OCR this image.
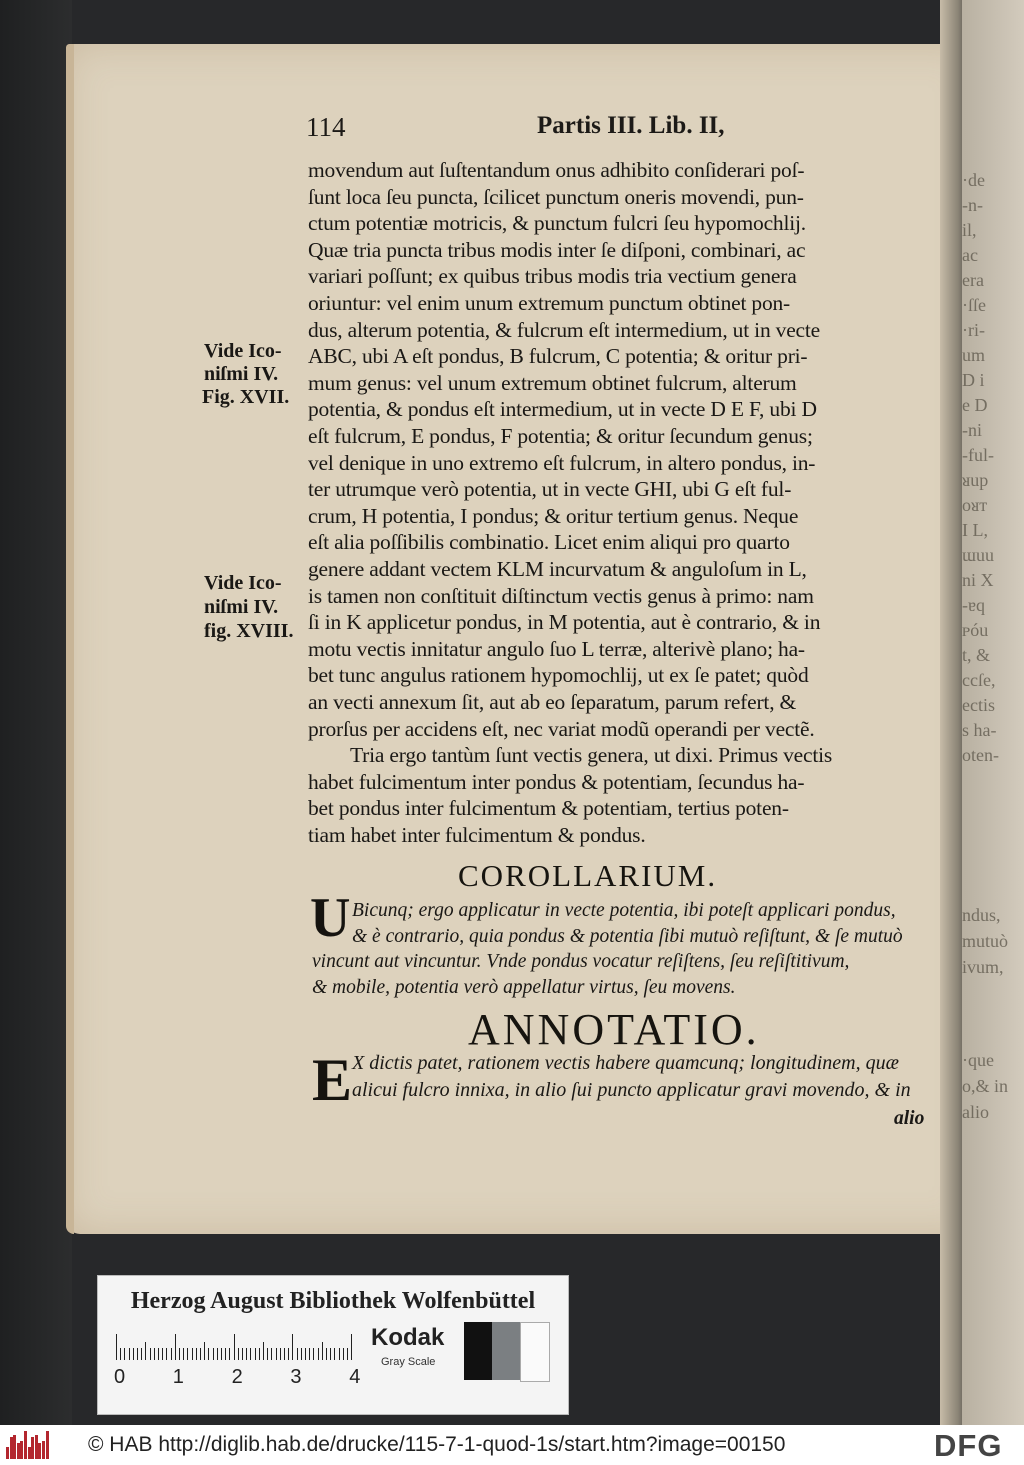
·de
-n-
il,
ac
era
·ſſe
·ri-
um
D i
e D
-ni
-ful-
ᴚup
ᴏᴚᴛ
I L,
ɯuu
ni X
-ɐq
ᴘóu
t, &
ccſe,
ectis
s ha-
oten-
ndus,
mutuò
ivum,
·que
o,& in
alio
114	Partis III. Lib. II,
movendum aut ſuſtentandum onus adhibito conſiderari poſ-
ſunt loca ſeu puncta, ſcilicet punctum oneris movendi, pun-
ctum potentiæ motricis, & punctum fulcri ſeu hypomochlij.
Quæ tria puncta tribus modis inter ſe diſponi, combinari, ac
variari poſſunt; ex quibus tribus modis tria vectium genera
oriuntur: vel enim unum extremum punctum obtinet pon-
dus, alterum potentia, & fulcrum eſt intermedium, ut in vecte
ABC, ubi A eſt pondus, B fulcrum, C potentia; & oritur pri-
mum genus: vel unum extremum obtinet fulcrum, alterum
potentia, & pondus eſt intermedium, ut in vecte D E F, ubi D
eſt fulcrum, E pondus, F potentia; & oritur ſecundum genus;
vel denique in uno extremo eſt fulcrum, in altero pondus, in-
ter utrumque verò potentia, ut in vecte GHI, ubi G eſt ful-
crum, H potentia, I pondus; & oritur tertium genus. Neque
eſt alia poſſibilis combinatio. Licet enim aliqui pro quarto
genere addant vectem KLM incurvatum & anguloſum in L,
is tamen non conſtituit diſtinctum vectis genus à primo: nam
ſi in K applicetur pondus, in M potentia, aut è contrario, & in
motu vectis innitatur angulo ſuo L terræ, alterivè plano; ha-
bet tunc angulus rationem hypomochlij, ut ex ſe patet; quòd
an vecti annexum ſit, aut ab eo ſeparatum, parum refert, &
prorſus per accidens eſt, nec variat modũ operandi per vectẽ.
Tria ergo tantùm ſunt vectis genera, ut dixi. Primus vectis
habet fulcimentum inter pondus & potentiam, ſecundus ha-
bet pondus inter fulcimentum & potentiam, tertius poten-
tiam habet inter fulcimentum & pondus.
Vide Ico-
niſmi IV.
Fig. XVII.
Vide Ico-
niſmi IV.
fig. XVIII.
COROLLARIUM.
U Bicunq; ergo applicatur in vecte potentia, ibi poteſt applicari pondus,
& è contrario, quia pondus & potentia ſibi mutuò reſiſtunt, & ſe mutuò
vincunt aut vincuntur. Vnde pondus vocatur reſiſtens, ſeu reſiſtitivum,
& mobile, potentia verò appellatur virtus, ſeu movens.
ANNOTATIO.
E X dictis patet, rationem vectis habere quamcunq; longitudinem, quæ
alicui fulcro innixa, in alio ſui puncto applicatur gravi movendo, & in
alio
Herzog August Bibliothek Wolfenbüttel
0 1 2 3 4
Kodak
Gray Scale
© HAB http://diglib.hab.de/drucke/115-7-1-quod-1s/start.htm?image=00150	DFG
